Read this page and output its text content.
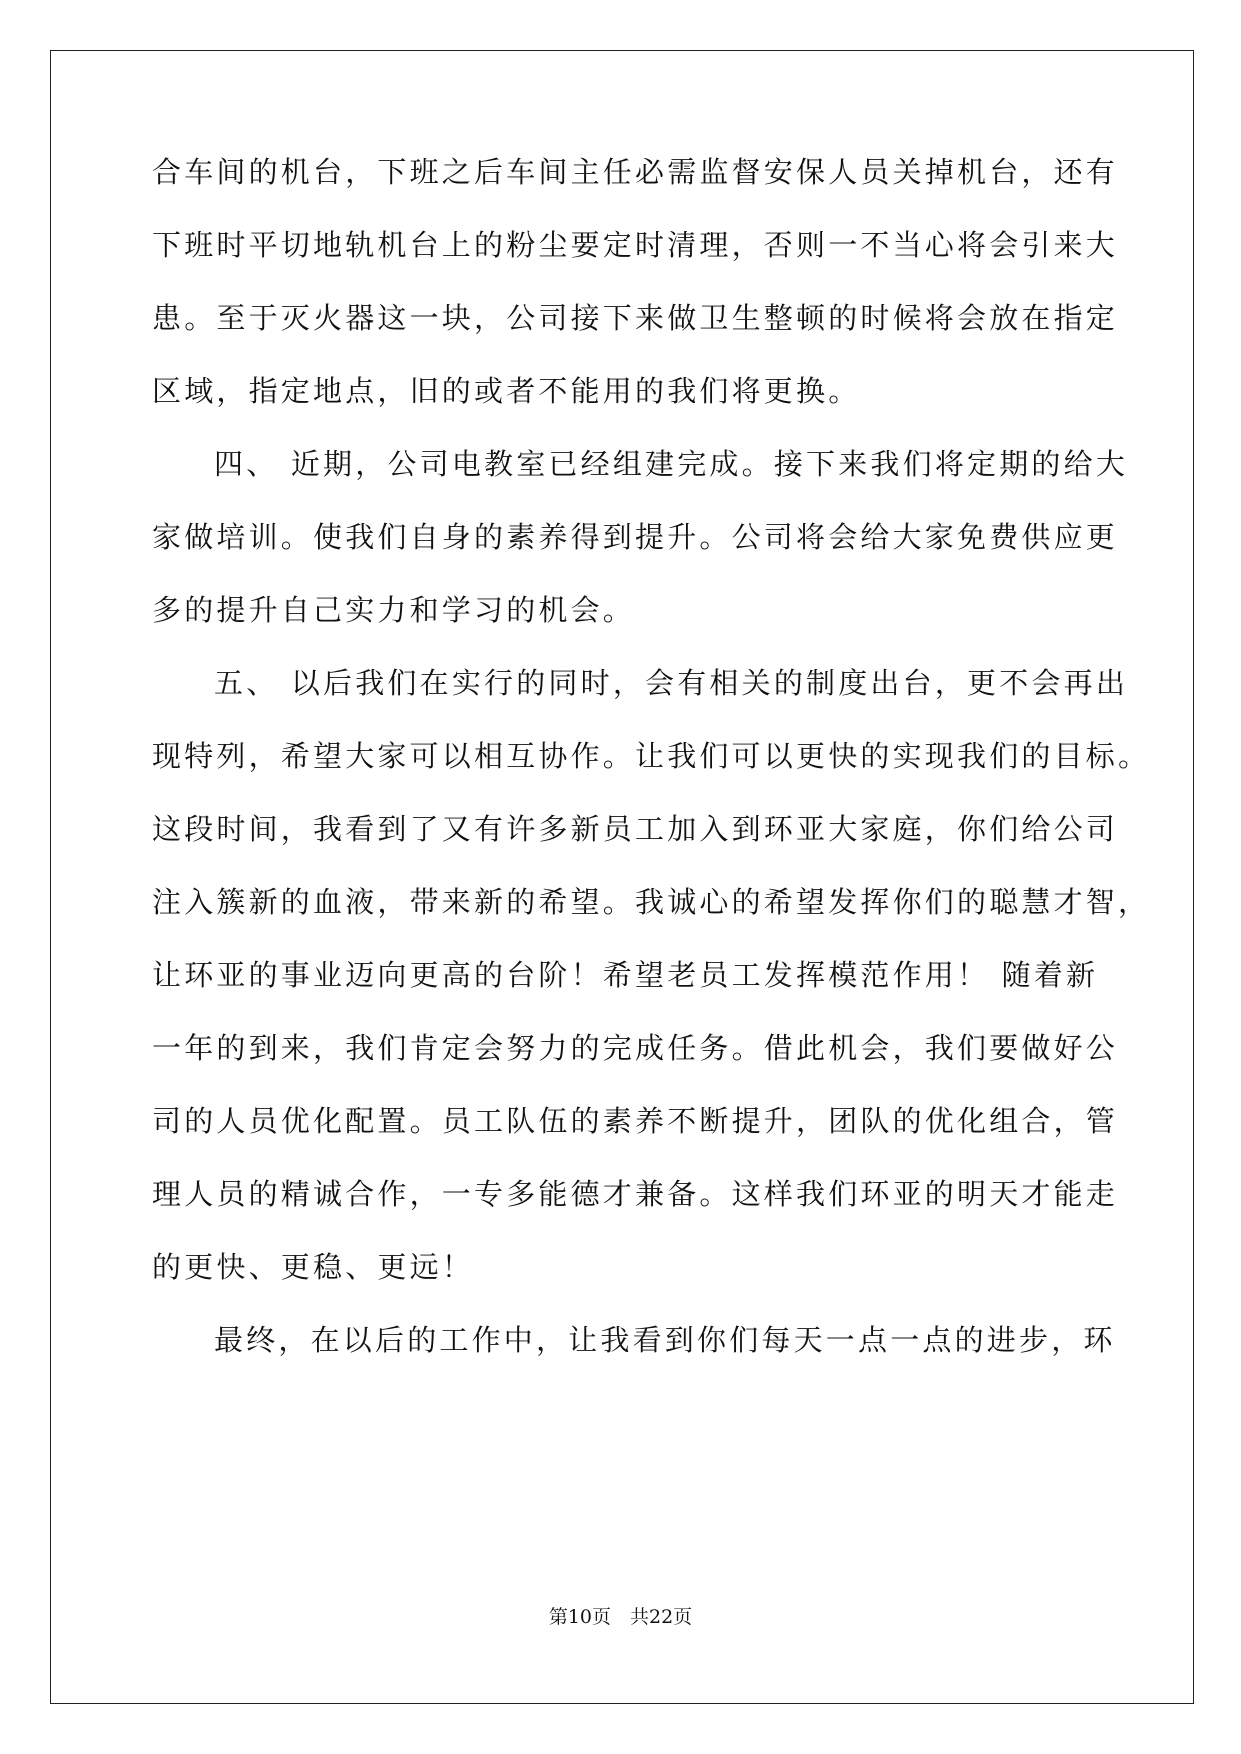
合车间的机台，下班之后车间主任必需监督安保人员关掉机台，还有
下班时平切地轨机台上的粉尘要定时清理，否则一不当心将会引来大
患。至于灭火器这一块，公司接下来做卫生整顿的时候将会放在指定
区域，指定地点，旧的或者不能用的我们将更换。
四、 近期，公司电教室已经组建完成。接下来我们将定期的给大
家做培训。使我们自身的素养得到提升。公司将会给大家免费供应更
多的提升自己实力和学习的机会。
五、 以后我们在实行的同时，会有相关的制度出台，更不会再出
现特列，希望大家可以相互协作。让我们可以更快的实现我们的目标。
这段时间，我看到了又有许多新员工加入到环亚大家庭，你们给公司
注入簇新的血液，带来新的希望。我诚心的希望发挥你们的聪慧才智，
让环亚的事业迈向更高的台阶！希望老员工发挥模范作用！ 随着新
一年的到来，我们肯定会努力的完成任务。借此机会，我们要做好公
司的人员优化配置。员工队伍的素养不断提升，团队的优化组合，管
理人员的精诚合作，一专多能德才兼备。这样我们环亚的明天才能走
的更快、更稳、更远！
最终，在以后的工作中，让我看到你们每天一点一点的进步，环
第10页　共22页
